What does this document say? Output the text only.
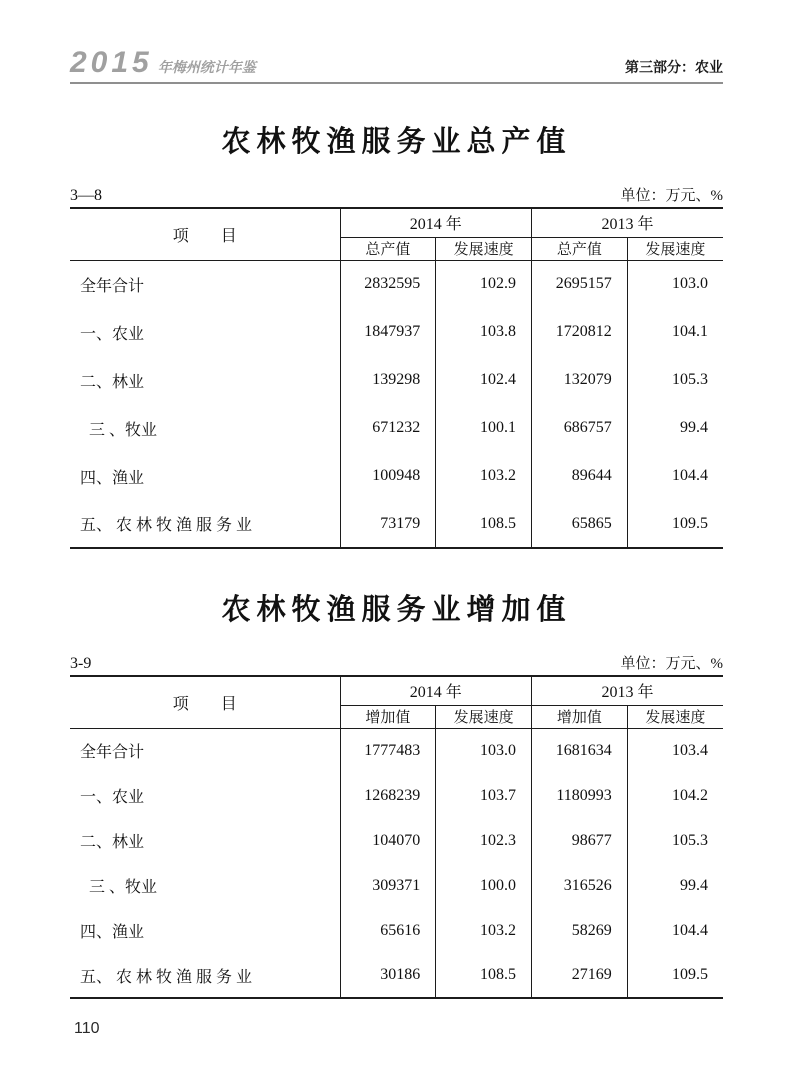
2015 年梅州统计年鉴	第三部分：农业
农林牧渔服务业总产值
3—8	单位：万元、%
项　　目	2014 年		2013 年	
	总产值	发展速度	总产值	发展速度
全年合计	2832595	102.9	2695157	103.0
一、农业	1847937	103.8	1720812	104.1
二、林业	139298	102.4	132079	105.3
三 、牧业	671232	100.1	686757	99.4
四、渔业	100948	103.2	89644	104.4
五、 农 林 牧 渔 服 务 业	73179	108.5	65865	109.5
农林牧渔服务业增加值
3-9	单位：万元、%
项　　目	2014 年		2013 年	
	增加值	发展速度	增加值	发展速度
全年合计	1777483	103.0	1681634	103.4
一、农业	1268239	103.7	1180993	104.2
二、林业	104070	102.3	98677	105.3
三 、牧业	309371	100.0	316526	99.4
四、渔业	65616	103.2	58269	104.4
五、 农 林 牧 渔 服 务 业	30186	108.5	27169	109.5
110
